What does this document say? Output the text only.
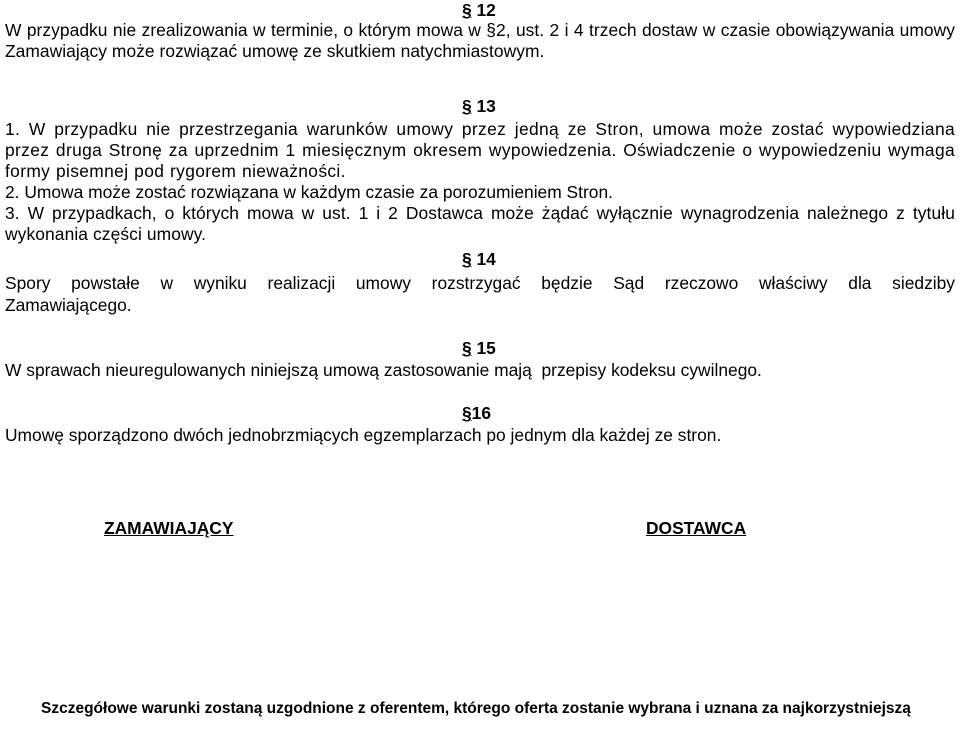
§ 12
W przypadku nie zrealizowania w terminie, o którym mowa w §2, ust. 2 i 4 trzech dostaw w czasie obowiązywania umowy Zamawiający może rozwiązać umowę ze skutkiem natychmiastowym.
§ 13
1. W przypadku nie przestrzegania warunków umowy przez jedną ze Stron, umowa może zostać wypowiedziana przez druga Stronę za uprzednim 1 miesięcznym okresem wypowiedzenia. Oświadczenie o wypowiedzeniu wymaga formy pisemnej pod rygorem nieważności.
2. Umowa może zostać rozwiązana w każdym czasie za porozumieniem Stron.
3. W przypadkach, o których mowa w ust. 1 i 2 Dostawca może żądać wyłącznie wynagrodzenia należnego z tytułu wykonania części umowy.
§ 14
Spory powstałe w wyniku realizacji umowy rozstrzygać będzie Sąd rzeczowo właściwy dla siedziby Zamawiającego.
§ 15
W sprawach nieuregulowanych niniejszą umową zastosowanie mają  przepisy kodeksu cywilnego.
§16
Umowę sporządzono dwóch jednobrzmiących egzemplarzach po jednym dla każdej ze stron.
ZAMAWIAJĄCY	DOSTAWCA
Szczegółowe warunki zostaną uzgodnione z oferentem, którego oferta zostanie wybrana i uznana za najkorzystniejszą
